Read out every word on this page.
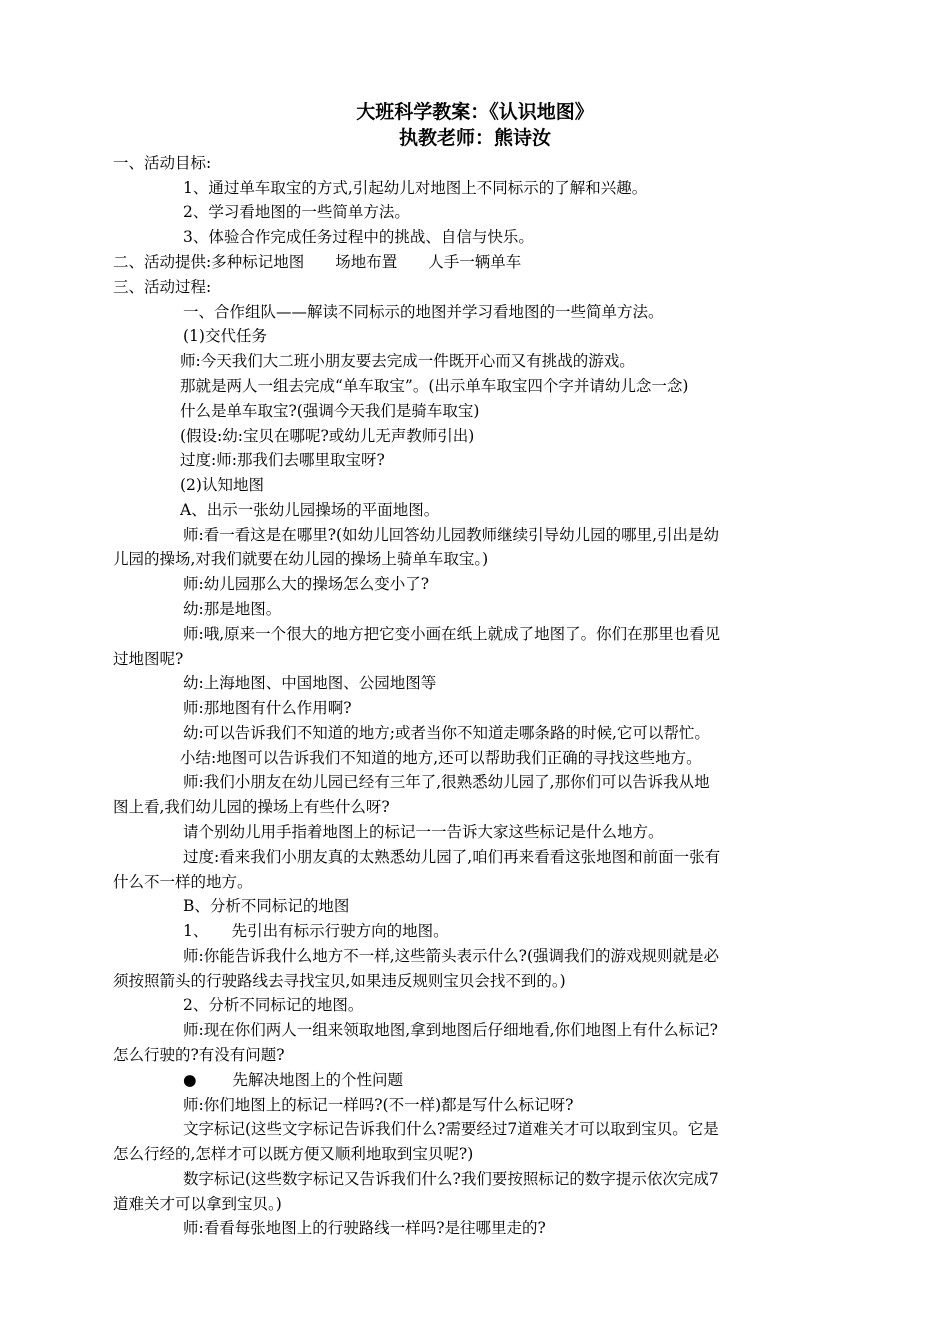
大班科学教案：《认识地图》
执教老师：熊诗汝
一、活动目标:
1、通过单车取宝的方式,引起幼儿对地图上不同标示的了解和兴趣。
2、学习看地图的一些简单方法。
3、体验合作完成任务过程中的挑战、自信与快乐。
二、活动提供:多种标记地图　　场地布置　　人手一辆单车
三、活动过程:
一、合作组队——解读不同标示的地图并学习看地图的一些简单方法。
(1)交代任务
师:今天我们大二班小朋友要去完成一件既开心而又有挑战的游戏。
那就是两人一组去完成“单车取宝”。(出示单车取宝四个字并请幼儿念一念)
什么是单车取宝?(强调今天我们是骑车取宝)
(假设:幼:宝贝在哪呢?或幼儿无声教师引出)
过度:师:那我们去哪里取宝呀?
(2)认知地图
A、出示一张幼儿园操场的平面地图。
师:看一看这是在哪里?(如幼儿回答幼儿园教师继续引导幼儿园的哪里,引出是幼
儿园的操场,对我们就要在幼儿园的操场上骑单车取宝。)
师:幼儿园那么大的操场怎么变小了?
幼:那是地图。
师:哦,原来一个很大的地方把它变小画在纸上就成了地图了。你们在那里也看见
过地图呢?
幼:上海地图、中国地图、公园地图等
师:那地图有什么作用啊?
幼:可以告诉我们不知道的地方;或者当你不知道走哪条路的时候,它可以帮忙。
小结:地图可以告诉我们不知道的地方,还可以帮助我们正确的寻找这些地方。
师:我们小朋友在幼儿园已经有三年了,很熟悉幼儿园了,那你们可以告诉我从地
图上看,我们幼儿园的操场上有些什么呀?
请个别幼儿用手指着地图上的标记一一告诉大家这些标记是什么地方。
过度:看来我们小朋友真的太熟悉幼儿园了,咱们再来看看这张地图和前面一张有
什么不一样的地方。
B、分析不同标记的地图
1、　　先引出有标示行驶方向的地图。
师:你能告诉我什么地方不一样,这些箭头表示什么?(强调我们的游戏规则就是必
须按照箭头的行驶路线去寻找宝贝,如果违反规则宝贝会找不到的。)
2、分析不同标记的地图。
师:现在你们两人一组来领取地图,拿到地图后仔细地看,你们地图上有什么标记?
怎么行驶的?有没有问题?
● 先解决地图上的个性问题
师:你们地图上的标记一样吗?(不一样)都是写什么标记呀?
文字标记(这些文字标记告诉我们什么?需要经过7道难关才可以取到宝贝。它是
怎么行经的,怎样才可以既方便又顺利地取到宝贝呢?)
数字标记(这些数字标记又告诉我们什么?我们要按照标记的数字提示依次完成7
道难关才可以拿到宝贝。)
师:看看每张地图上的行驶路线一样吗?是往哪里走的?
